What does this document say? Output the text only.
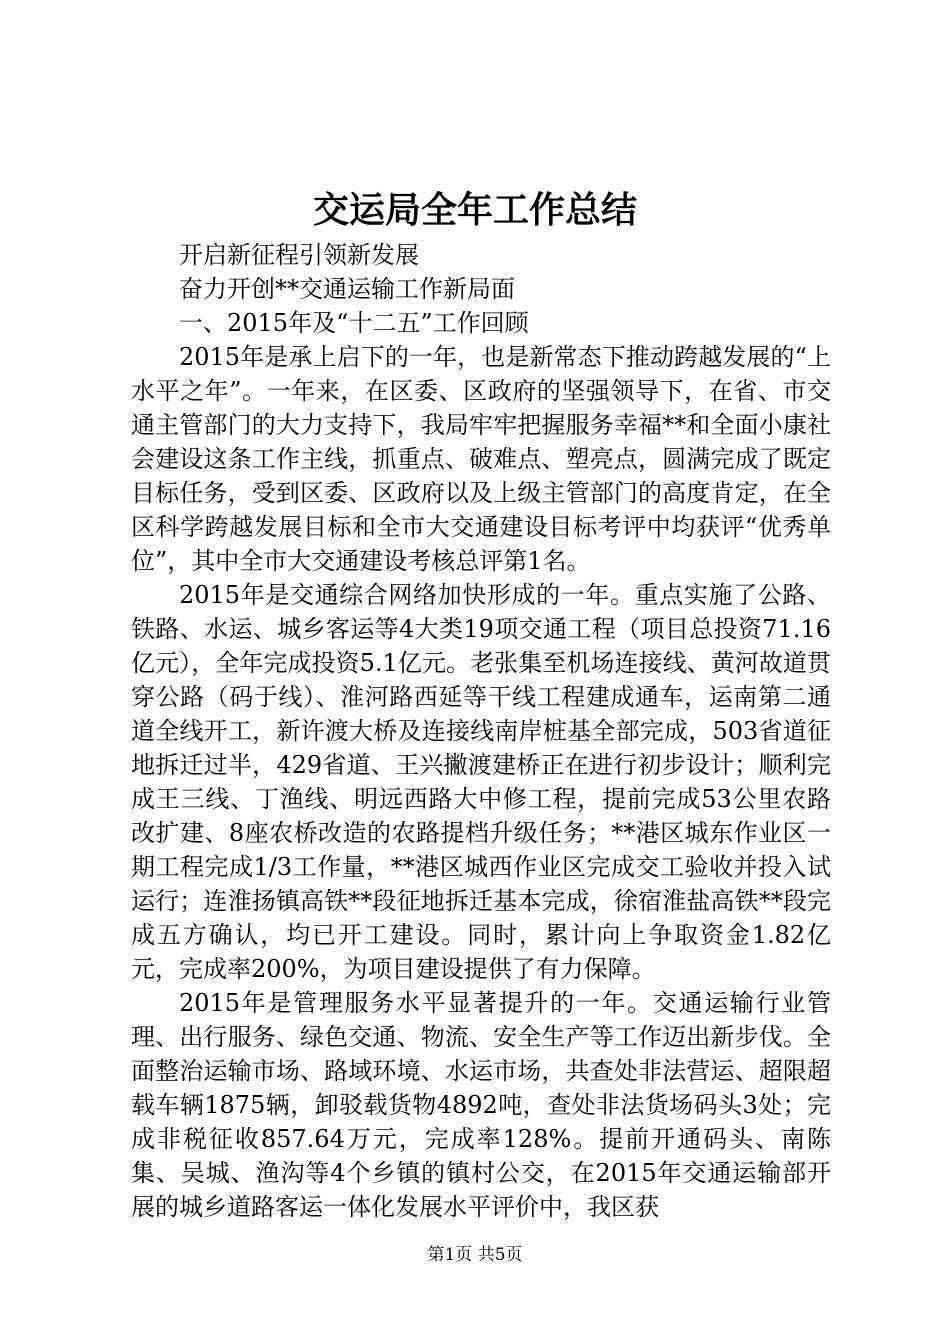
交运局全年工作总结

开启新征程引领新发展

奋力开创**交通运输工作新局面

一、2015年及“十二五”工作回顾

2015年是承上启下的一年，也是新常态下推动跨越发展的“上水平之年”。一年来，在区委、区政府的坚强领导下，在省、市交通主管部门的大力支持下，我局牢牢把握服务幸福**和全面小康社会建设这条工作主线，抓重点、破难点、塑亮点，圆满完成了既定目标任务，受到区委、区政府以及上级主管部门的高度肯定，在全区科学跨越发展目标和全市大交通建设目标考评中均获评“优秀单位”，其中全市大交通建设考核总评第1名。

2015年是交通综合网络加快形成的一年。重点实施了公路、铁路、水运、城乡客运等4大类19项交通工程（项目总投资71.16亿元），全年完成投资5.1亿元。老张集至机场连接线、黄河故道贯穿公路（码于线）、淮河路西延等干线工程建成通车，运南第二通道全线开工，新许渡大桥及连接线南岸桩基全部完成，503省道征地拆迁过半，429省道、王兴撇渡建桥正在进行初步设计；顺利完成王三线、丁渔线、明远西路大中修工程，提前完成53公里农路改扩建、8座农桥改造的农路提档升级任务；**港区城东作业区一期工程完成1/3工作量，**港区城西作业区完成交工验收并投入试运行；连淮扬镇高铁**段征地拆迁基本完成，徐宿淮盐高铁**段完成五方确认，均已开工建设。同时，累计向上争取资金1.82亿元，完成率200%，为项目建设提供了有力保障。

2015年是管理服务水平显著提升的一年。交通运输行业管理、出行服务、绿色交通、物流、安全生产等工作迈出新步伐。全面整治运输市场、路域环境、水运市场，共查处非法营运、超限超载车辆1875辆，卸驳载货物4892吨，查处非法货场码头3处；完成非税征收857.64万元，完成率128%。提前开通码头、南陈集、吴城、渔沟等4个乡镇的镇村公交，在2015年交通运输部开展的城乡道路客运一体化发展水平评价中，我区获

第1页 共5页
